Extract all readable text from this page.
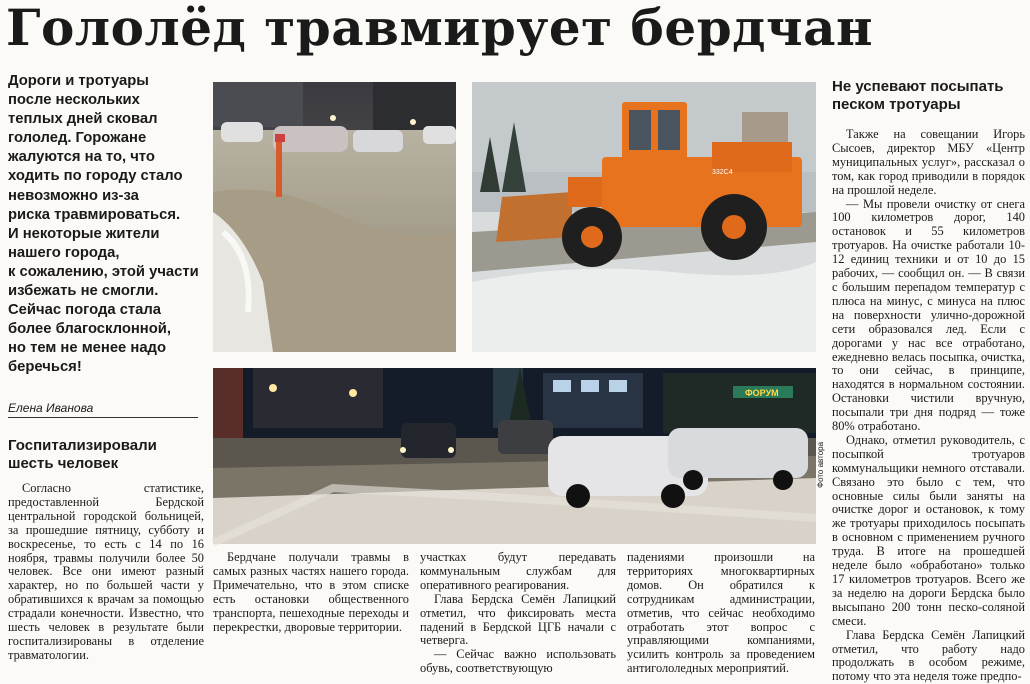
Гололёд травмирует бердчан
Дороги и тротуары
после нескольких
теплых дней сковал
гололед. Горожане
жалуются на то, что
ходить по городу стало
невозможно из-за
риска травмироваться.
И некоторые жители
нашего города,
к сожалению, этой участи
избежать не смогли.
Сейчас погода стала
более благосклонной,
но тем не менее надо
беречься!
Елена Иванова
Госпитализировали шесть человек

Согласно статистике, предоставленной Бердской центральной городской больницей, за прошедшие пятницу, субботу и воскресенье, то есть с 14 по 16 ноября, травмы получили более 50 человек. Все они имеют разный характер, но по большей части у обратившихся к врачам за помощью страдали конечности. Известно, что шесть человек в результате были госпитализированы в отделение травматологии.

332С4
ФОРУМ
Фото автора

Бердчане получали травмы в самых разных частях нашего города. Примечательно, что в этом списке есть остановки общественного транспорта, пешеходные переходы и перекрестки, дворовые территории.

участках будут передавать коммунальным службам для оперативного реагирования.

Глава Бердска Семён Лапицкий отметил, что фиксировать места падений в Бердской ЦГБ начали с четверга.

— Сейчас важно использовать обувь, соответствующую

падениями произошли на территориях многоквартирных домов. Он обратился к сотрудникам администрации, отметив, что сейчас необходимо отработать этот вопрос с управляющими компаниями, усилить контроль за проведением антигололедных мероприятий.

Не успевают посыпать песком тротуары

Также на совещании Игорь Сысоев, директор МБУ «Центр муниципальных услуг», рассказал о том, как город приводили в порядок на прошлой неделе.

— Мы провели очистку от снега 100 километров дорог, 140 остановок и 55 километров тротуаров. На очистке работали 10-12 единиц техники и от 10 до 15 рабочих, — сообщил он. — В связи с большим перепадом температур с плюса на минус, с минуса на плюс на поверхности улично-дорожной сети образовался лед. Если с дорогами у нас все отработано, ежедневно велась посыпка, очистка, то они сейчас, в принципе, находятся в нормальном состоянии. Остановки чистили вручную, посыпали три дня подряд — тоже 80% отработано.

Однако, отметил руководитель, с посыпкой тротуаров коммунальщики немного отставали. Связано это было с тем, что основные силы были заняты на очистке дорог и остановок, к тому же тротуары приходилось посыпать в основном с применением ручного труда. В итоге на прошедшей неделе было «обработано» только 17 километров тротуаров. Всего же за неделю на дороги Бердска было высыпано 200 тонн песко-соляной смеси.

Глава Бердска Семён Лапицкий отметил, что работу надо продолжать в особом режиме, потому что эта неделя тоже предпо-
